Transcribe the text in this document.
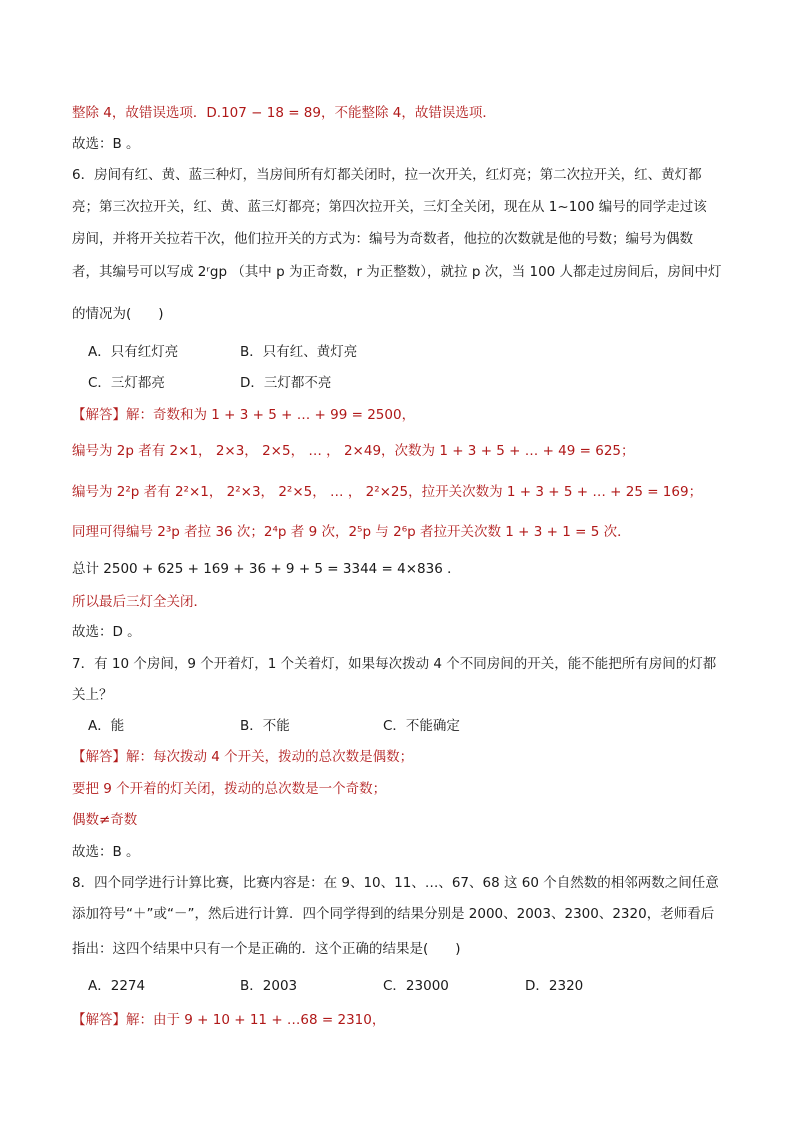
整除 4，故错误选项．D.107 − 18 = 89，不能整除 4，故错误选项．
故选：B 。
6．房间有红、黄、蓝三种灯，当房间所有灯都关闭时，拉一次开关，红灯亮；第二次拉开关，红、黄灯都
亮；第三次拉开关，红、黄、蓝三灯都亮；第四次拉开关，三灯全关闭，现在从 1~100 编号的同学走过该
房间，并将开关拉若干次，他们拉开关的方式为：编号为奇数者，他拉的次数就是他的号数；编号为偶数
者，其编号可以写成 2ʳgp （其中 p 为正奇数，r 为正整数），就拉 p 次，当 100 人都走过房间后，房间中灯
的情况为(　　)
A．只有红灯亮	B．只有红、黄灯亮
C．三灯都亮	D．三灯都不亮
【解答】解：奇数和为 1 + 3 + 5 + … + 99 = 2500，
编号为 2p 者有 2×1， 2×3， 2×5， … ， 2×49，次数为 1 + 3 + 5 + … + 49 = 625；
编号为 2²p 者有 2²×1， 2²×3， 2²×5， … ， 2²×25，拉开关次数为 1 + 3 + 5 + … + 25 = 169；
同理可得编号 2³p 者拉 36 次；2⁴p 者 9 次，2⁵p 与 2⁶p 者拉开关次数 1 + 3 + 1 = 5 次．
总计 2500 + 625 + 169 + 36 + 9 + 5 = 3344 = 4×836 ．
所以最后三灯全关闭．
故选：D 。
7．有 10 个房间，9 个开着灯，1 个关着灯，如果每次拨动 4 个不同房间的开关，能不能把所有房间的灯都
关上？
A．能	B．不能	C．不能确定
【解答】解：每次拨动 4 个开关，拨动的总次数是偶数；
要把 9 个开着的灯关闭，拨动的总次数是一个奇数；
偶数≠奇数
故选：B 。
8．四个同学进行计算比赛，比赛内容是：在 9、10、11、…、67、68 这 60 个自然数的相邻两数之间任意
添加符号“＋”或“－”，然后进行计算．四个同学得到的结果分别是 2000、2003、2300、2320，老师看后
指出：这四个结果中只有一个是正确的．这个正确的结果是(　　)
A．2274	B．2003	C．23000	D．2320
【解答】解：由于 9 + 10 + 11 + …68 = 2310，
